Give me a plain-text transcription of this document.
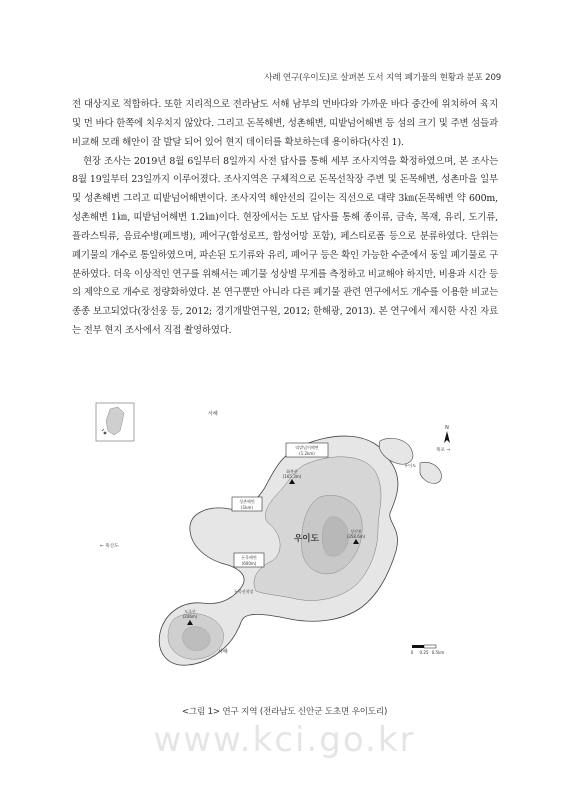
사례 연구(우이도)로 살펴본 도서 지역 폐기물의 현황과 분포 209

전 대상지로 적합하다. 또한 지리적으로 전라남도 서해 남부의 먼바다와 가까운 바다 중간에 위치하여 육지 및 먼 바다 한쪽에 치우치지 않았다. 그리고 돈목해변, 성촌해변, 띠밭넘어해변 등 섬의 크기 및 주변 섬들과 비교해 모래 해안이 잘 발달 되어 있어 현지 데이터를 확보하는데 용이하다(사진 1).

현장 조사는 2019년 8월 6일부터 8일까지 사전 답사를 통해 세부 조사지역을 확정하였으며, 본 조사는 8월 19일부터 23일까지 이루어졌다. 조사지역은 구체적으로 돈목선착장 주변 및 돈목해변, 성촌마을 일부 및 성촌해변 그리고 띠밭넘어해변이다. 조사지역 해안선의 길이는 직선으로 대략 3㎞(돈목해변 약 600m, 성촌해변 1㎞, 띠밭넘어해변 1.2㎞)이다. 현장에서는 도보 답사를 통해 종이류, 금속, 목재, 유리, 도기류, 플라스틱류, 음료수병(페트병), 폐어구(합성로프, 합성어망 포함), 페스티로폼 등으로 분류하였다. 단위는 폐기물의 개수로 통일하였으며, 파손된 도기류와 유리, 폐어구 등은 확인 가능한 수준에서 동일 폐기물로 구분하였다. 더욱 이상적인 연구를 위해서는 폐기물 성상별 무게를 측정하고 비교해야 하지만, 비용과 시간 등의 제약으로 개수로 정량화하였다. 본 연구뿐만 아니라 다른 폐기물 관련 연구에서도 개수를 이용한 비교는 종종 보고되었다(장선웅 등, 2012; 경기개발연구원, 2012; 한해광, 2013). 본 연구에서 제시한 사진 자료는 전부 현지 조사에서 직접 촬영하였다.

서해
서해
우이도
← 흑산도
목포 →
우이도
띠밭넘어해변
(1.2km)
성촌해변
(1km)
돈목해변
(600m)
화봉산
(165.3m)
상산봉
(358.6m)
도초산
(246m)
돈목선착장
N
0 0.25 0.5km
<그림 1> 연구 지역 (전라남도 신안군 도초면 우이도리)
www.kci.go.kr
